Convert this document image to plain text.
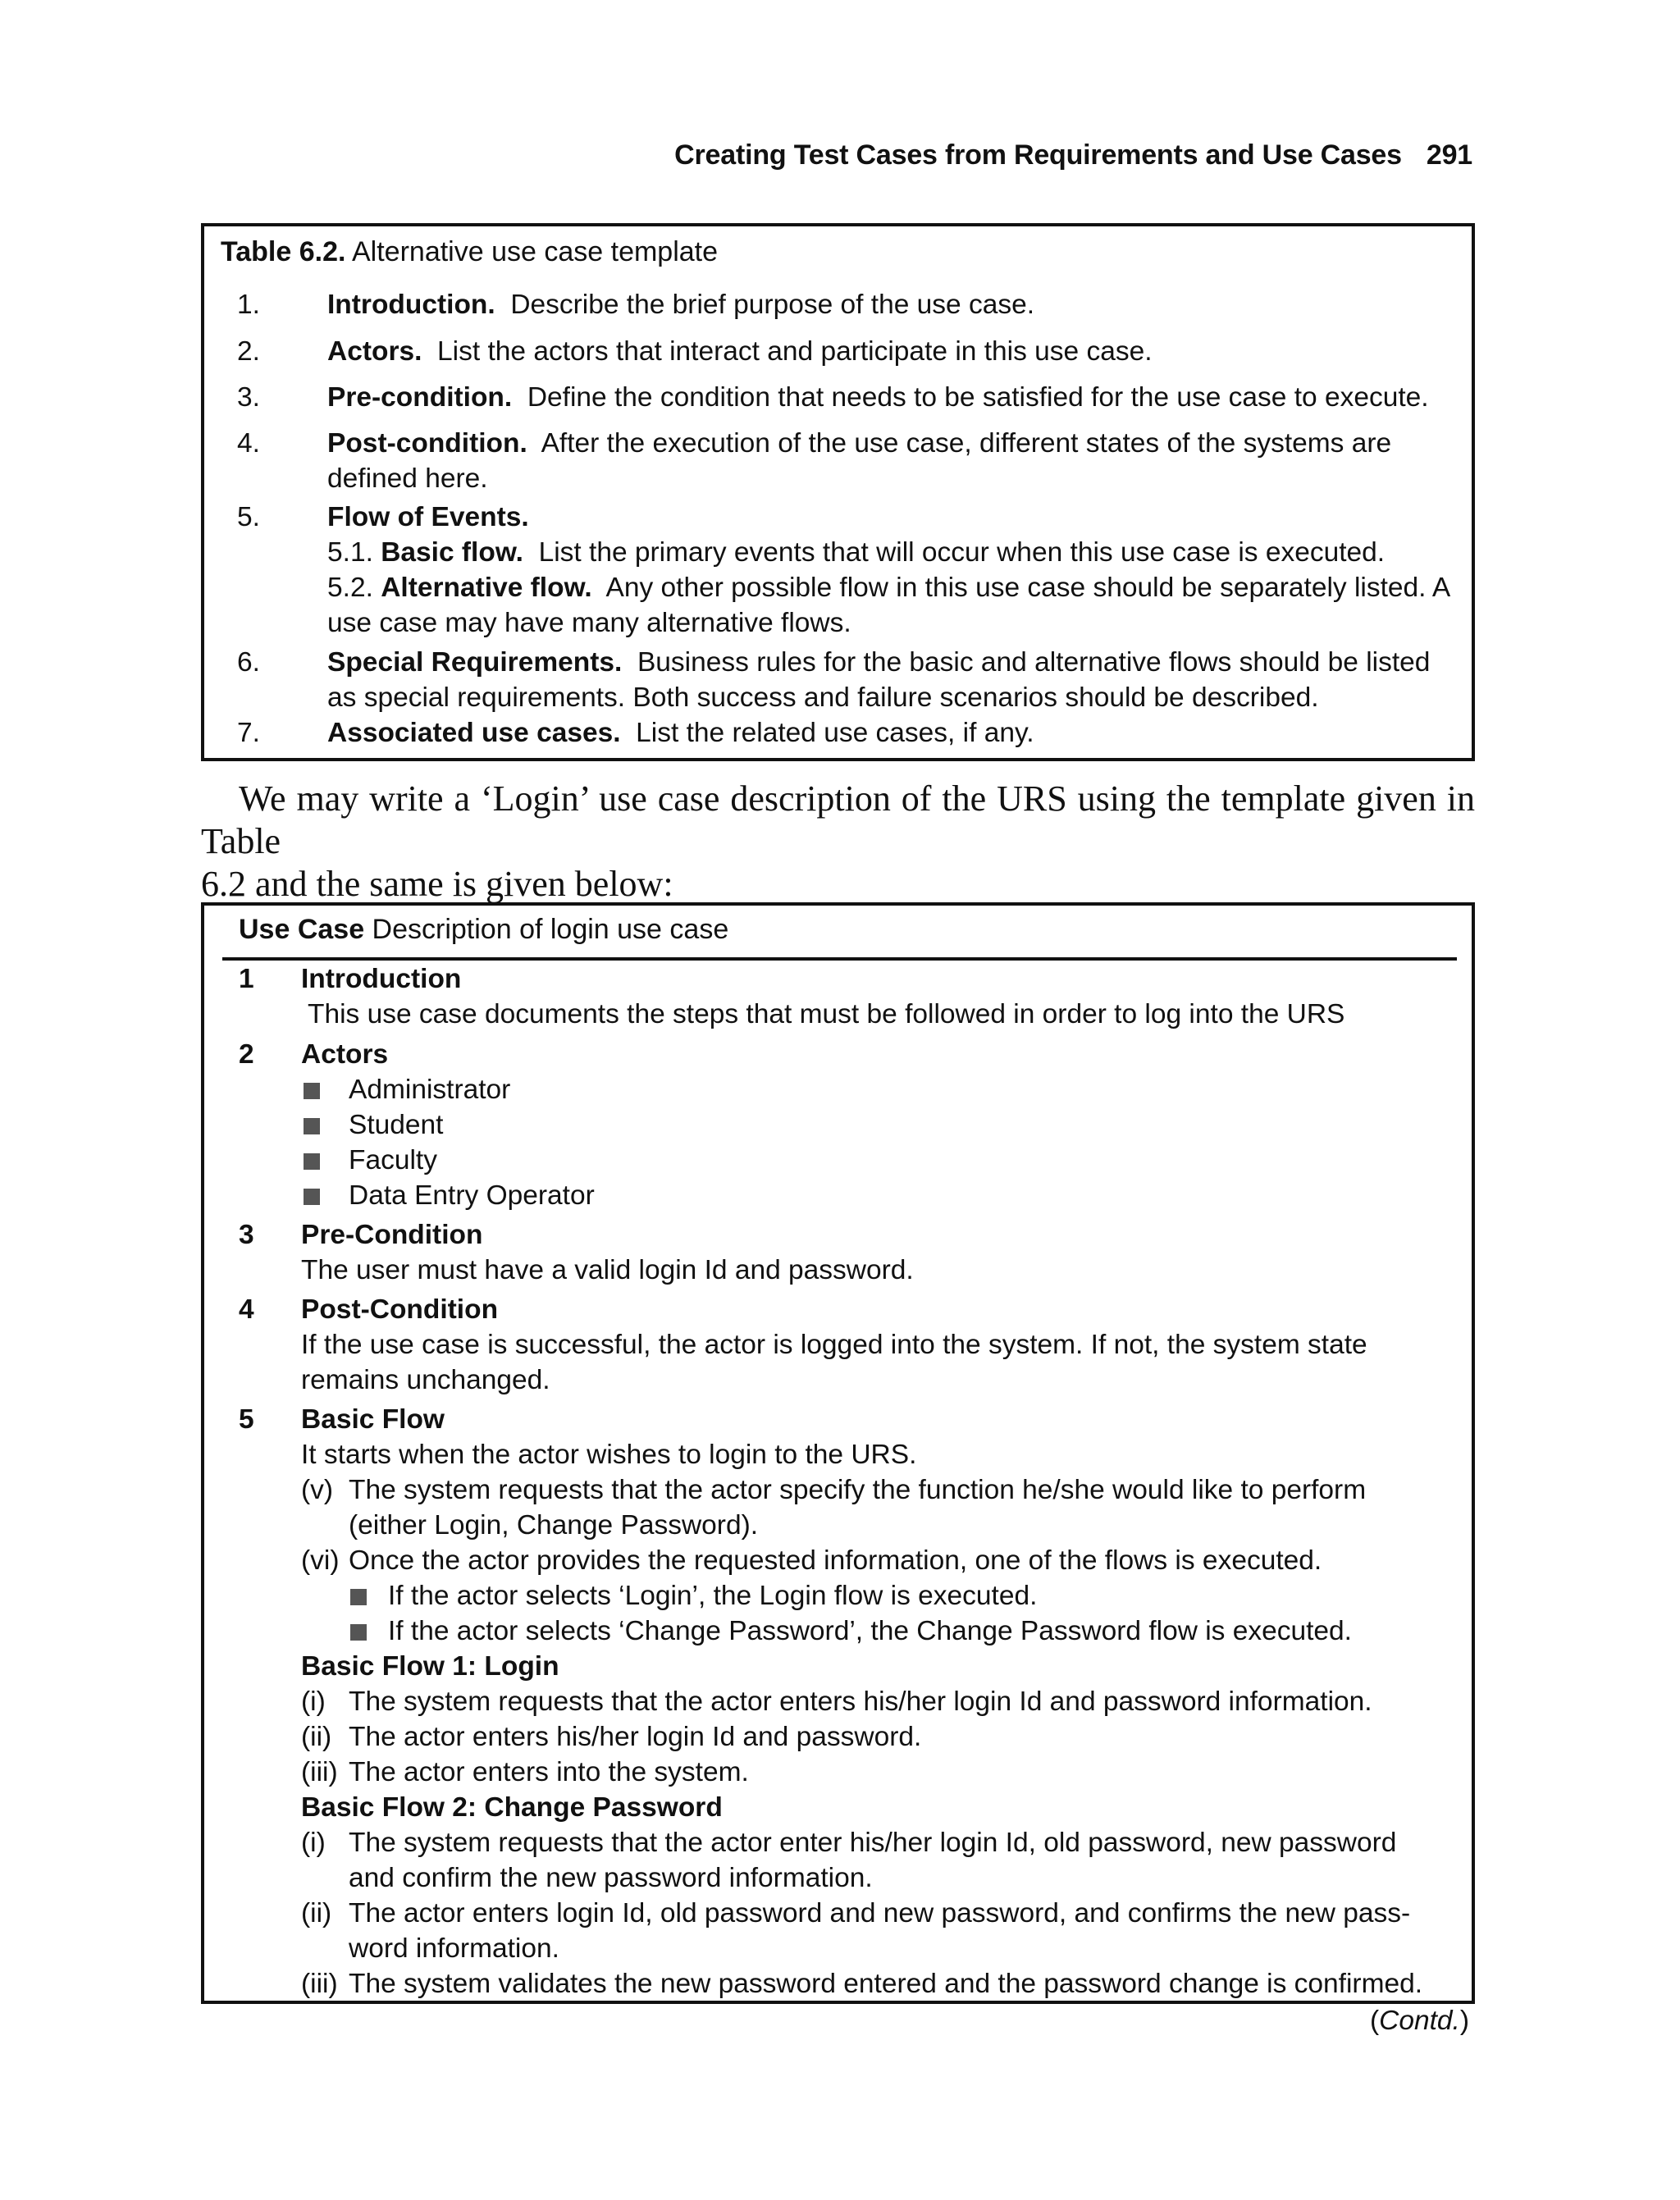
Creating Test Cases from Requirements and Use Cases 291
Table 6.2. Alternative use case template
1.	Introduction. Describe the brief purpose of the use case.
2.	Actors. List the actors that interact and participate in this use case.
3.	Pre-condition. Define the condition that needs to be satisfied for the use case to execute.
4.	Post-condition. After the execution of the use case, different states of the systems are
defined here.
5.	Flow of Events.
5.1. Basic flow. List the primary events that will occur when this use case is executed.
5.2. Alternative flow. Any other possible flow in this use case should be separately listed. A
use case may have many alternative flows.
6.	Special Requirements. Business rules for the basic and alternative flows should be listed
as special requirements. Both success and failure scenarios should be described.
7.	Associated use cases. List the related use cases, if any.
We may write a ‘Login’ use case description of the URS using the template given in Table
6.2 and the same is given below:
Use Case Description of login use case
1 Introduction
This use case documents the steps that must be followed in order to log into the URS
2 Actors
Administrator
Student
Faculty
Data Entry Operator
3 Pre-Condition
The user must have a valid login Id and password.
4 Post-Condition
If the use case is successful, the actor is logged into the system. If not, the system state
remains unchanged.
5 Basic Flow
It starts when the actor wishes to login to the URS.
(v) The system requests that the actor specify the function he/she would like to perform
(either Login, Change Password).
(vi) Once the actor provides the requested information, one of the flows is executed.
If the actor selects ‘Login’, the Login flow is executed.
If the actor selects ‘Change Password’, the Change Password flow is executed.
Basic Flow 1: Login
(i) The system requests that the actor enters his/her login Id and password information.
(ii) The actor enters his/her login Id and password.
(iii) The actor enters into the system.
Basic Flow 2: Change Password
(i) The system requests that the actor enter his/her login Id, old password, new password
and confirm the new password information.
(ii) The actor enters login Id, old password and new password, and confirms the new pass-
word information.
(iii) The system validates the new password entered and the password change is confirmed.
(Contd.)
